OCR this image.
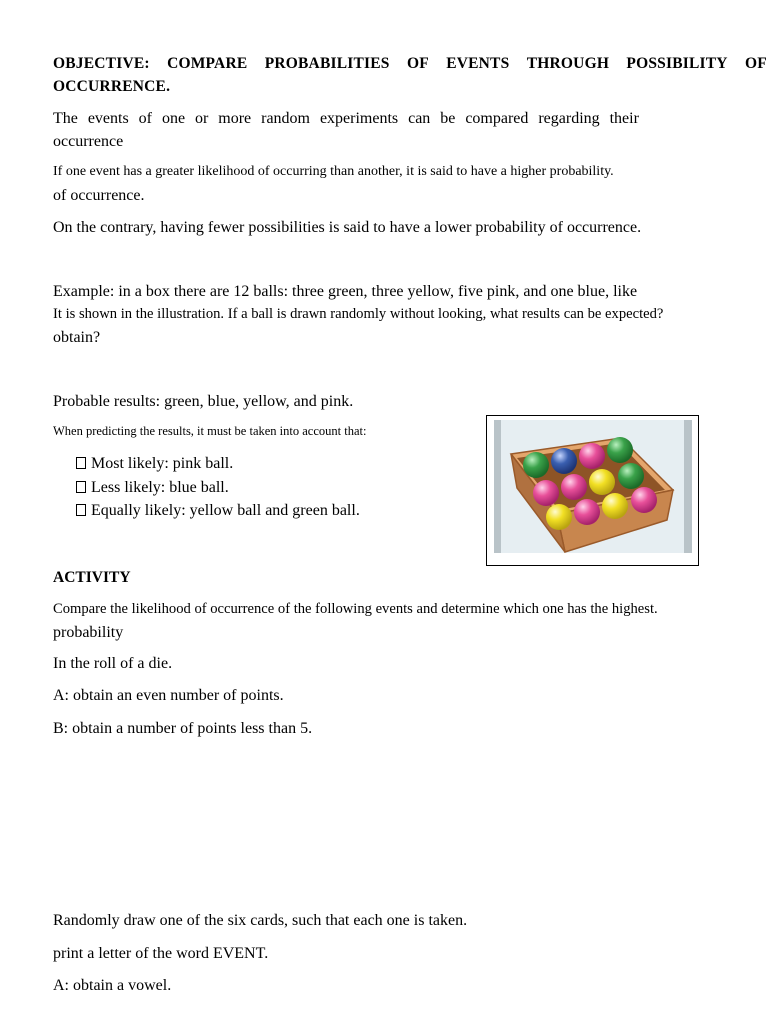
OBJECTIVE: COMPARE PROBABILITIES OF EVENTS THROUGH POSSIBILITY OF
OCCURRENCE.
The events of one or more random experiments can be compared regarding their
occurrence
If one event has a greater likelihood of occurring than another, it is said to have a higher probability.
of occurrence.
On the contrary, having fewer possibilities is said to have a lower probability of occurrence.
Example: in a box there are 12 balls: three green, three yellow, five pink, and one blue, like
It is shown in the illustration. If a ball is drawn randomly without looking, what results can be expected?
obtain?
Probable results: green, blue, yellow, and pink.
When predicting the results, it must be taken into account that:
Most likely: pink ball.
Less likely: blue ball.
Equally likely: yellow ball and green ball.
ACTIVITY
Compare the likelihood of occurrence of the following events and determine which one has the highest.
probability
In the roll of a die.
A: obtain an even number of points.
B: obtain a number of points less than 5.
Randomly draw one of the six cards, such that each one is taken.
print a letter of the word EVENT.
A: obtain a vowel.
